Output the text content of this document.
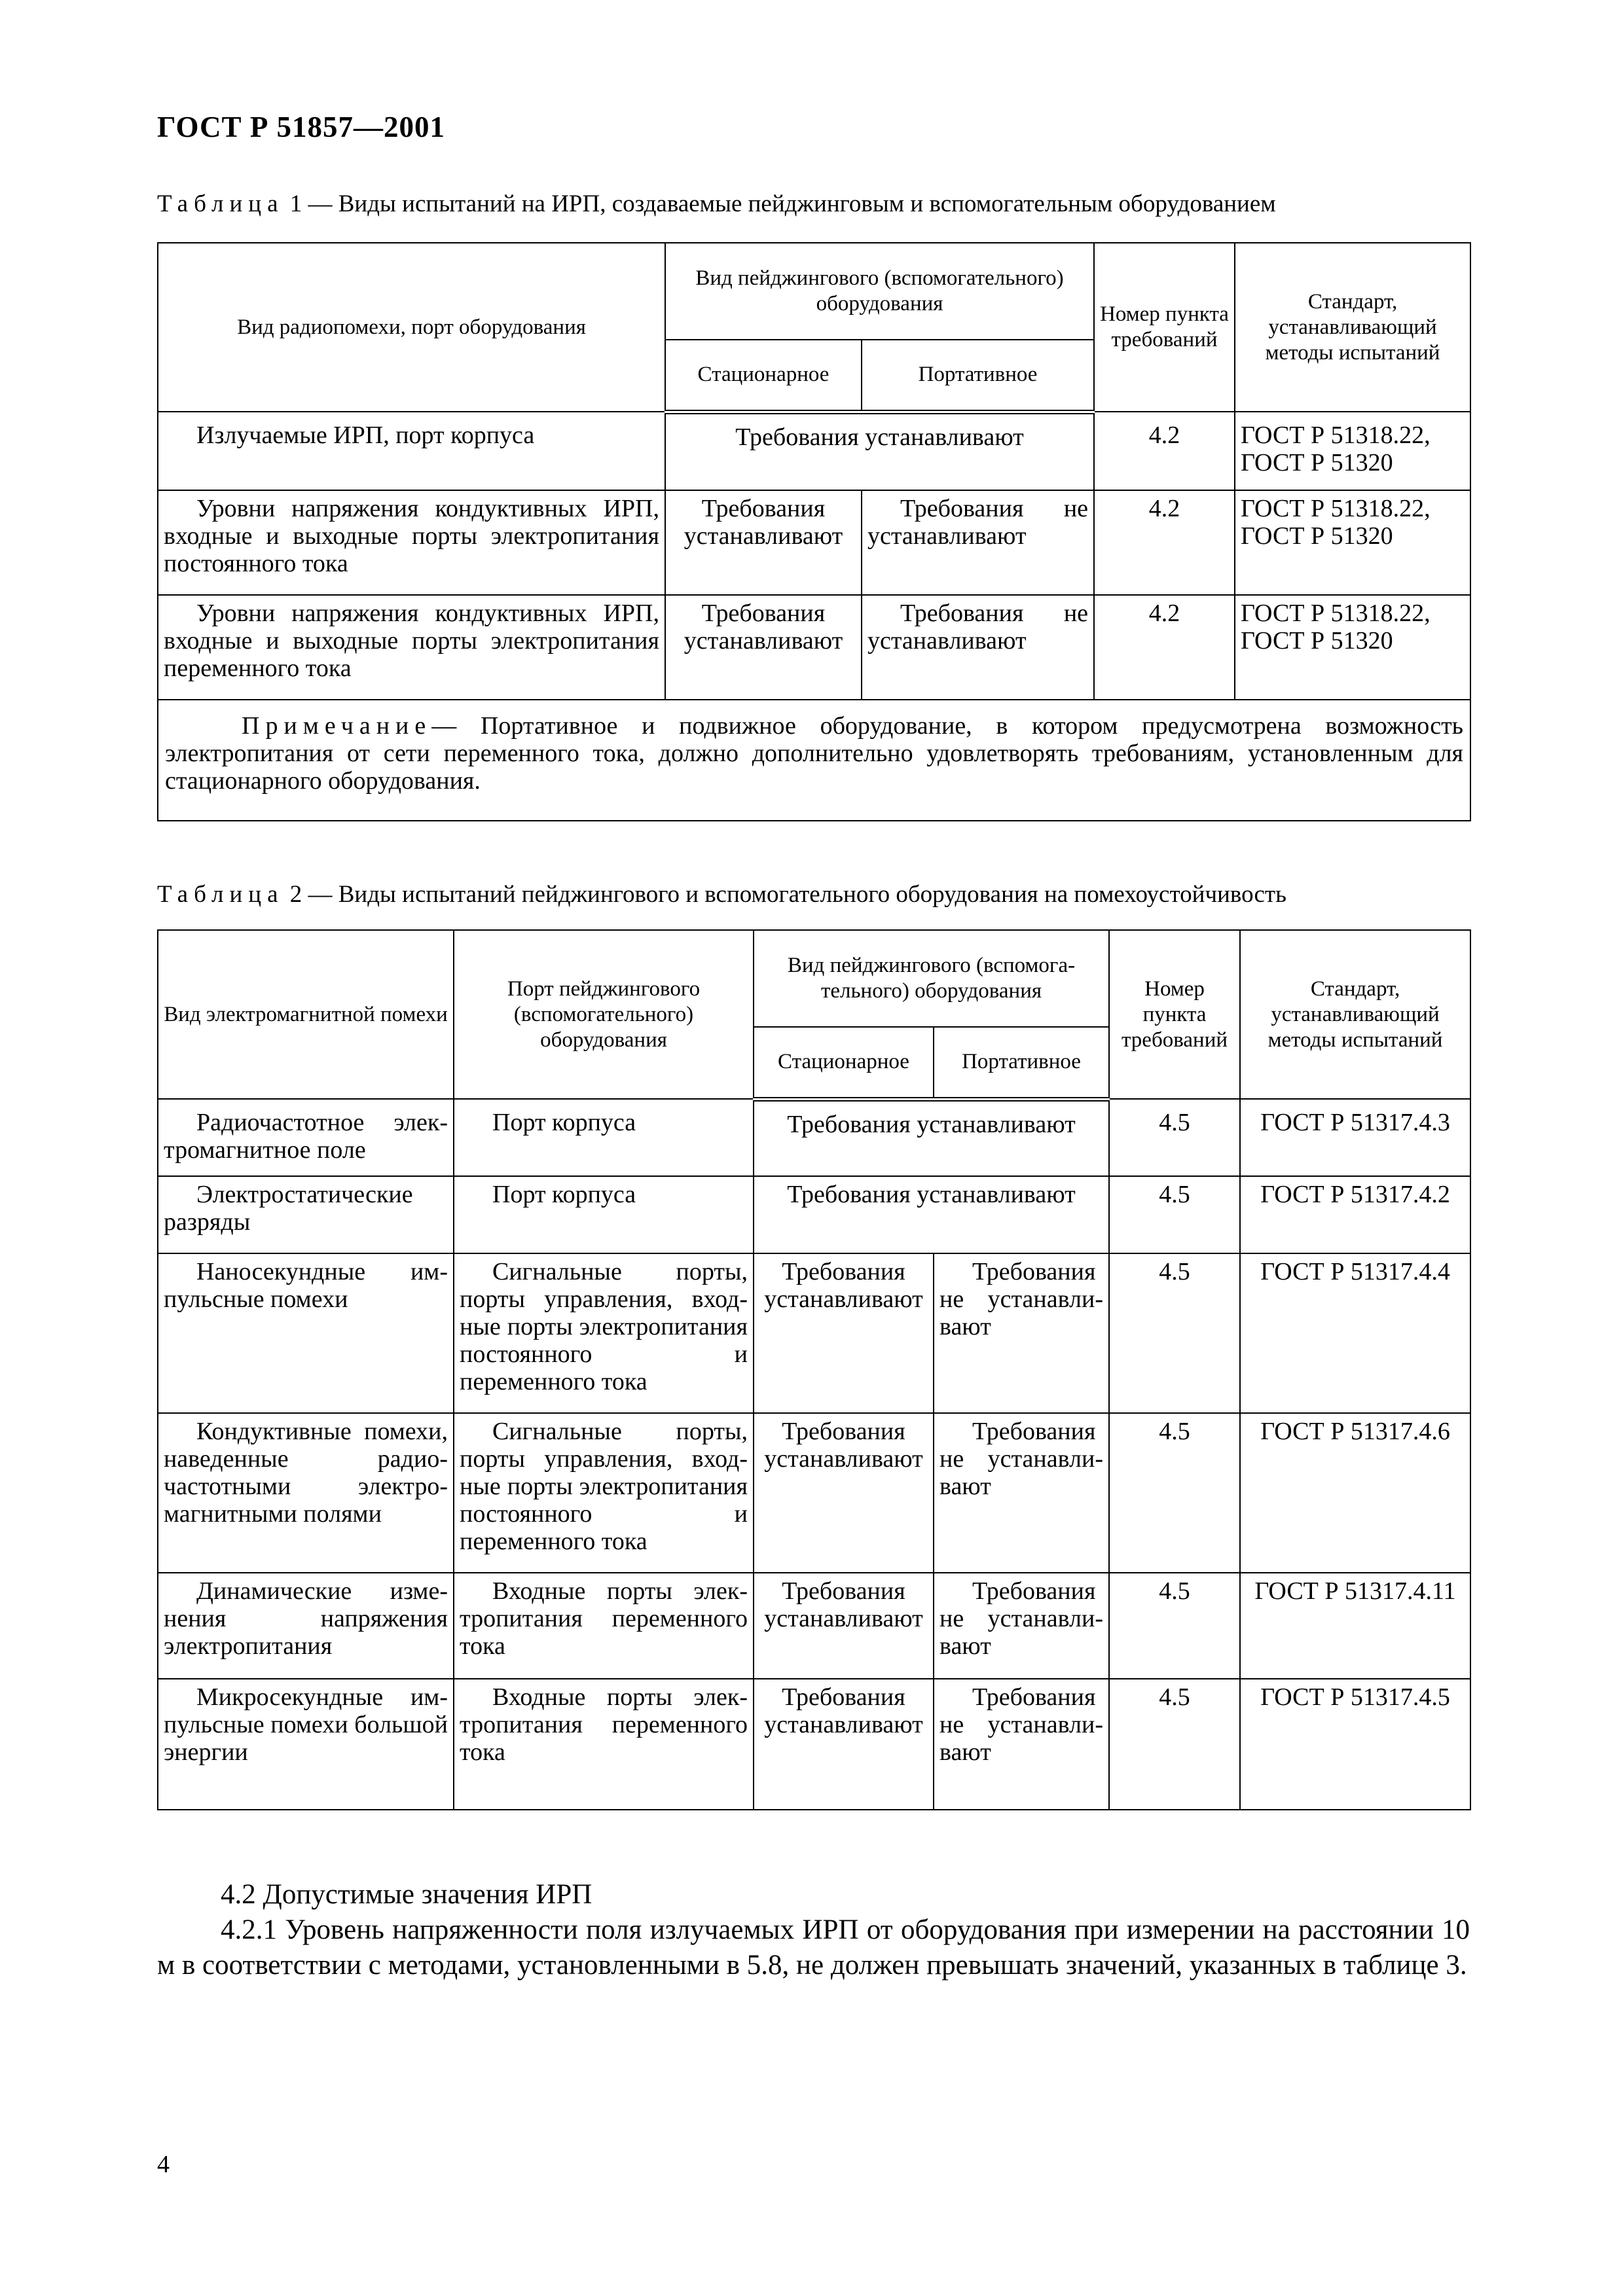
ГОСТ Р 51857—2001
Таблица 1 — Виды испытаний на ИРП, создаваемые пейджинговым и вспомогательным оборудованием
Вид радиопомехи, порт оборудования	Вид пейджингового (вспомогательного) оборудования		Номер пункта требований	Стандарт, устанавливающий методы испытаний
	Стационарное	Портативное		
Излучаемые ИРП, порт корпуса	Требования устанавливают		4.2	ГОСТ Р 51318.22, ГОСТ Р 51320
Уровни напряжения кондуктивных ИРП, входные и выходные порты электропитания постоянного тока	Требования устанавливают	Требования не устанавливают	4.2	ГОСТ Р 51318.22, ГОСТ Р 51320
Уровни напряжения кондуктивных ИРП, входные и выходные порты электропитания переменного тока	Требования устанавливают	Требования не устанавливают	4.2	ГОСТ Р 51318.22, ГОСТ Р 51320
Примечание— Портативное и подвижное оборудование, в котором предусмотрена возможность электропитания от сети переменного тока, должно дополнительно удовлетворять требованиям, установленным для стационарного оборудования.				
Таблица 2 — Виды испытаний пейджингового и вспомогательного оборудования на помехоустойчивость
Вид электромагнитной помехи	Порт пейджингового (вспомогательного) оборудования	Вид пейджингового (вспомогательного) оборудования		Номер пункта требований	Стандарт, устанавливающий методы испытаний
		Стационарное	Портативное		
Радиочастотное электромагнитное поле	Порт корпуса	Требования устанавливают		4.5	ГОСТ Р 51317.4.3
Электростатические разряды	Порт корпуса	Требования устанавливают		4.5	ГОСТ Р 51317.4.2
Наносекундные импульсные помехи	Сигнальные порты, порты управления, входные порты электропитания постоянного и переменного тока	Требования устанавливают	Требования не устанавливают	4.5	ГОСТ Р 51317.4.4
Кондуктивные помехи, наведенные радиочастотными электромагнитными полями	Сигнальные порты, порты управления, входные порты электропитания постоянного и переменного тока	Требования устанавливают	Требования не устанавливают	4.5	ГОСТ Р 51317.4.6
Динамические изменения напряжения электропитания	Входные порты электропитания переменного тока	Требования устанавливают	Требования не устанавливают	4.5	ГОСТ Р 51317.4.11
Микросекундные импульсные помехи большой энергии	Входные порты электропитания переменного тока	Требования устанавливают	Требования не устанавливают	4.5	ГОСТ Р 51317.4.5
4.2 Допустимые значения ИРП
4.2.1 Уровень напряженности поля излучаемых ИРП от оборудования при измерении на расстоянии 10 м в соответствии с методами, установленными в 5.8, не должен превышать значений, указанных в таблице 3.
4
